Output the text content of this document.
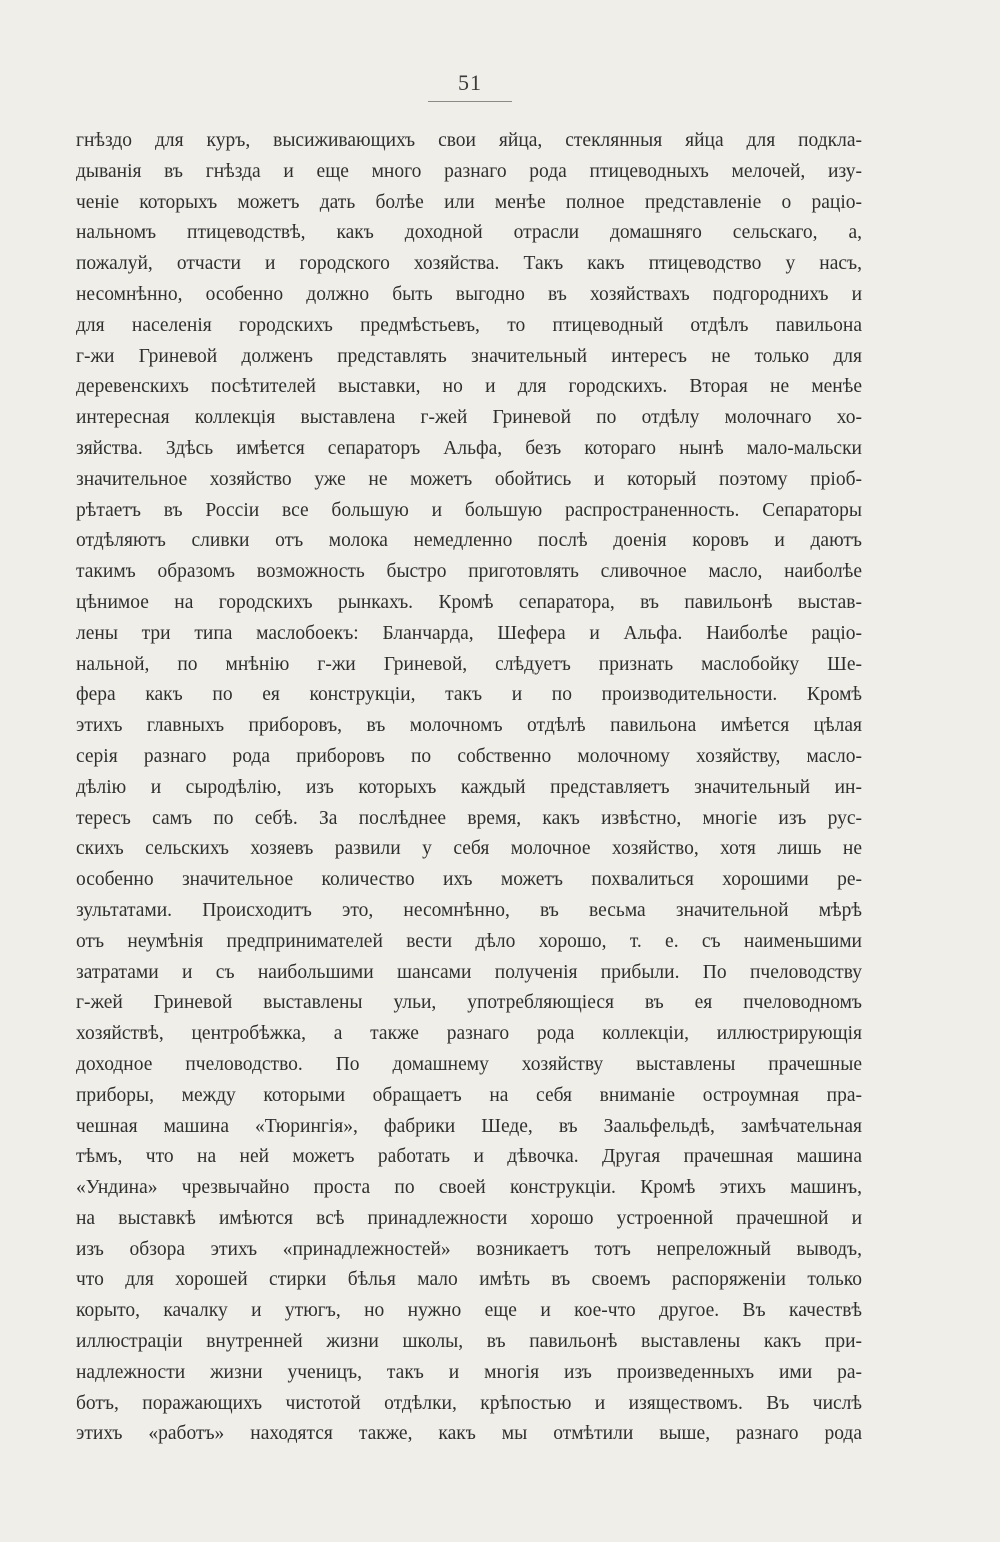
51
гнѣздо для куръ, высиживающихъ свои яйца, стеклянныя яйца для подкла-
дыванія въ гнѣзда и еще много разнаго рода птицеводныхъ мелочей, изу-
ченіе которыхъ можетъ дать болѣе или менѣе полное представленіе о раціо-
нальномъ птицеводствѣ, какъ доходной отрасли домашняго сельскаго, а,
пожалуй, отчасти и городского хозяйства. Такъ какъ птицеводство у насъ,
несомнѣнно, особенно должно быть выгодно въ хозяйствахъ подгороднихъ и
для населенія городскихъ предмѣстьевъ, то птицеводный отдѣлъ павильона
г-жи Гриневой долженъ представлять значительный интересъ не только для
деревенскихъ посѣтителей выставки, но и для городскихъ. Вторая не менѣе
интересная коллекція выставлена г-жей Гриневой по отдѣлу молочнаго хо-
зяйства. Здѣсь имѣется сепараторъ Альфа, безъ котораго нынѣ мало-мальски
значительное хозяйство уже не можетъ обойтись и который поэтому пріоб-
рѣтаетъ въ Россіи все большую и большую распространенность. Сепараторы
отдѣляютъ сливки отъ молока немедленно послѣ доенія коровъ и даютъ
такимъ образомъ возможность быстро приготовлять сливочное масло, наиболѣе
цѣнимое на городскихъ рынкахъ. Кромѣ сепаратора, въ павильонѣ выстав-
лены три типа маслобоекъ: Бланчарда, Шефера и Альфа. Наиболѣе раціо-
нальной, по мнѣнію г-жи Гриневой, слѣдуетъ признать маслобойку Ше-
фера какъ по ея конструкціи, такъ и по производительности. Кромѣ
этихъ главныхъ приборовъ, въ молочномъ отдѣлѣ павильона имѣется цѣлая
серія разнаго рода приборовъ по собственно молочному хозяйству, масло-
дѣлію и сыродѣлію, изъ которыхъ каждый представляетъ значительный ин-
тересъ самъ по себѣ. За послѣднее время, какъ извѣстно, многіе изъ рус-
скихъ сельскихъ хозяевъ развили у себя молочное хозяйство, хотя лишь не
особенно значительное количество ихъ можетъ похвалиться хорошими ре-
зультатами. Происходитъ это, несомнѣнно, въ весьма значительной мѣрѣ
отъ неумѣнія предпринимателей вести дѣло хорошо, т. е. съ наименьшими
затратами и съ наибольшими шансами полученія прибыли. По пчеловодству
г-жей Гриневой выставлены ульи, употребляющіеся въ ея пчеловодномъ
хозяйствѣ, центробѣжка, а также разнаго рода коллекціи, иллюстрирующія
доходное пчеловодство. По домашнему хозяйству выставлены прачешные
приборы, между которыми обращаетъ на себя вниманіе остроумная пра-
чешная машина «Тюрингія», фабрики Шеде, въ Заальфельдѣ, замѣчательная
тѣмъ, что на ней можетъ работать и дѣвочка. Другая прачешная машина
«Ундина» чрезвычайно проста по своей конструкціи. Кромѣ этихъ машинъ,
на выставкѣ имѣются всѣ принадлежности хорошо устроенной прачешной и
изъ обзора этихъ «принадлежностей» возникаетъ тотъ непреложный выводъ,
что для хорошей стирки бѣлья мало имѣть въ своемъ распоряженіи только
корыто, качалку и утюгъ, но нужно еще и кое-что другое. Въ качествѣ
иллюстраціи внутренней жизни школы, въ павильонѣ выставлены какъ при-
надлежности жизни ученицъ, такъ и многія изъ произведенныхъ ими ра-
ботъ, поражающихъ чистотой отдѣлки, крѣпостью и изяществомъ. Въ числѣ
этихъ «работъ» находятся также, какъ мы отмѣтили выше, разнаго рода
